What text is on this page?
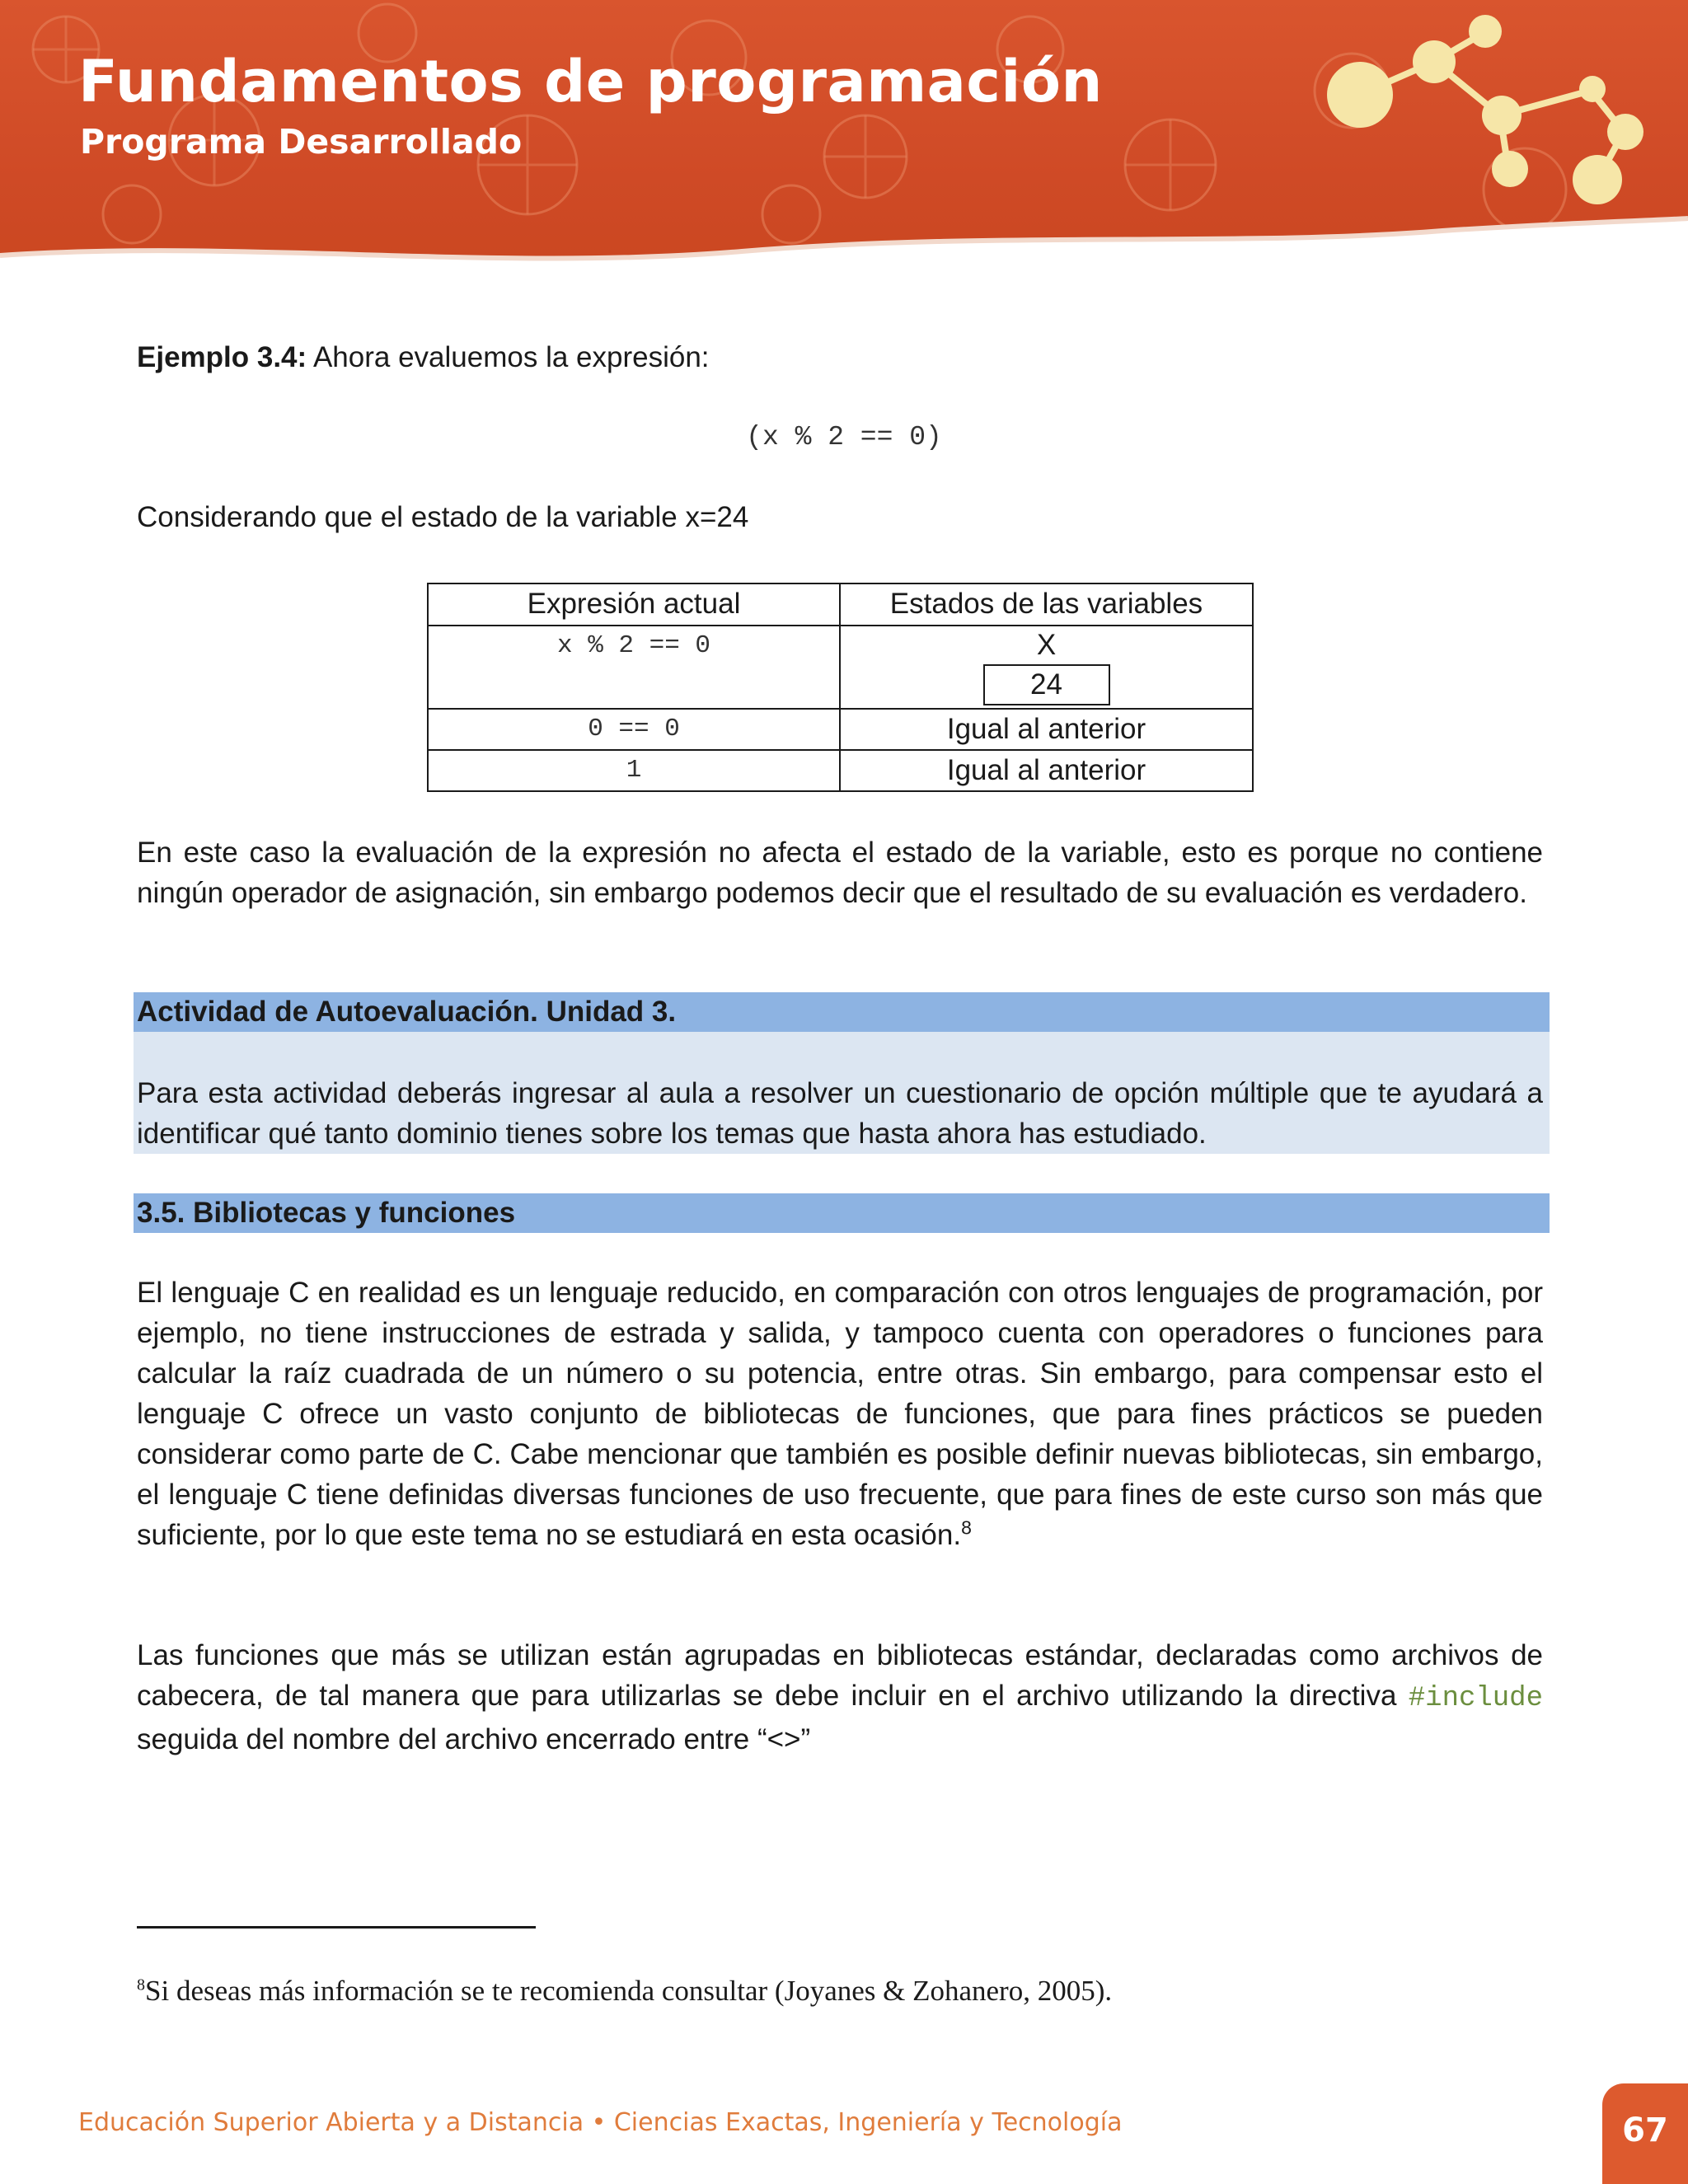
Fundamentos de programación
Programa Desarrollado
Ejemplo 3.4: Ahora evaluemos la expresión:
(x % 2 == 0)
Considerando que el estado de la variable x=24
Expresión actual	Estados de las variables
x % 2 == 0	X
24
0 == 0	Igual al anterior
1	Igual al anterior
En este caso la evaluación de la expresión no afecta el estado de la variable, esto es porque no contiene ningún operador de asignación, sin embargo podemos decir que el resultado de su evaluación es verdadero.
Actividad de Autoevaluación. Unidad 3.
Para esta actividad deberás ingresar al aula a resolver un cuestionario de opción múltiple que te ayudará a identificar qué tanto dominio tienes sobre los temas que hasta ahora has estudiado.
3.5. Bibliotecas y funciones
El lenguaje C en realidad es un lenguaje reducido, en comparación con otros lenguajes de programación, por ejemplo, no tiene instrucciones de estrada y salida, y tampoco cuenta con operadores o funciones para calcular la raíz cuadrada de un número o su potencia, entre otras. Sin embargo, para compensar esto el lenguaje C ofrece un vasto conjunto de bibliotecas de funciones, que para fines prácticos se pueden considerar como parte de C. Cabe mencionar que también es posible definir nuevas bibliotecas, sin embargo, el lenguaje C tiene definidas diversas funciones de uso frecuente, que para fines de este curso son más que suficiente, por lo que este tema no se estudiará en esta ocasión.$^8$
Las funciones que más se utilizan están agrupadas en bibliotecas estándar, declaradas como archivos de cabecera, de tal manera que para utilizarlas se debe incluir en el archivo utilizando la directiva #include seguida del nombre del archivo encerrado entre “<>”
$^8$Si deseas más información se te recomienda consultar (Joyanes & Zohanero, 2005).
Educación Superior Abierta y a Distancia • Ciencias Exactas, Ingeniería y Tecnología	67
